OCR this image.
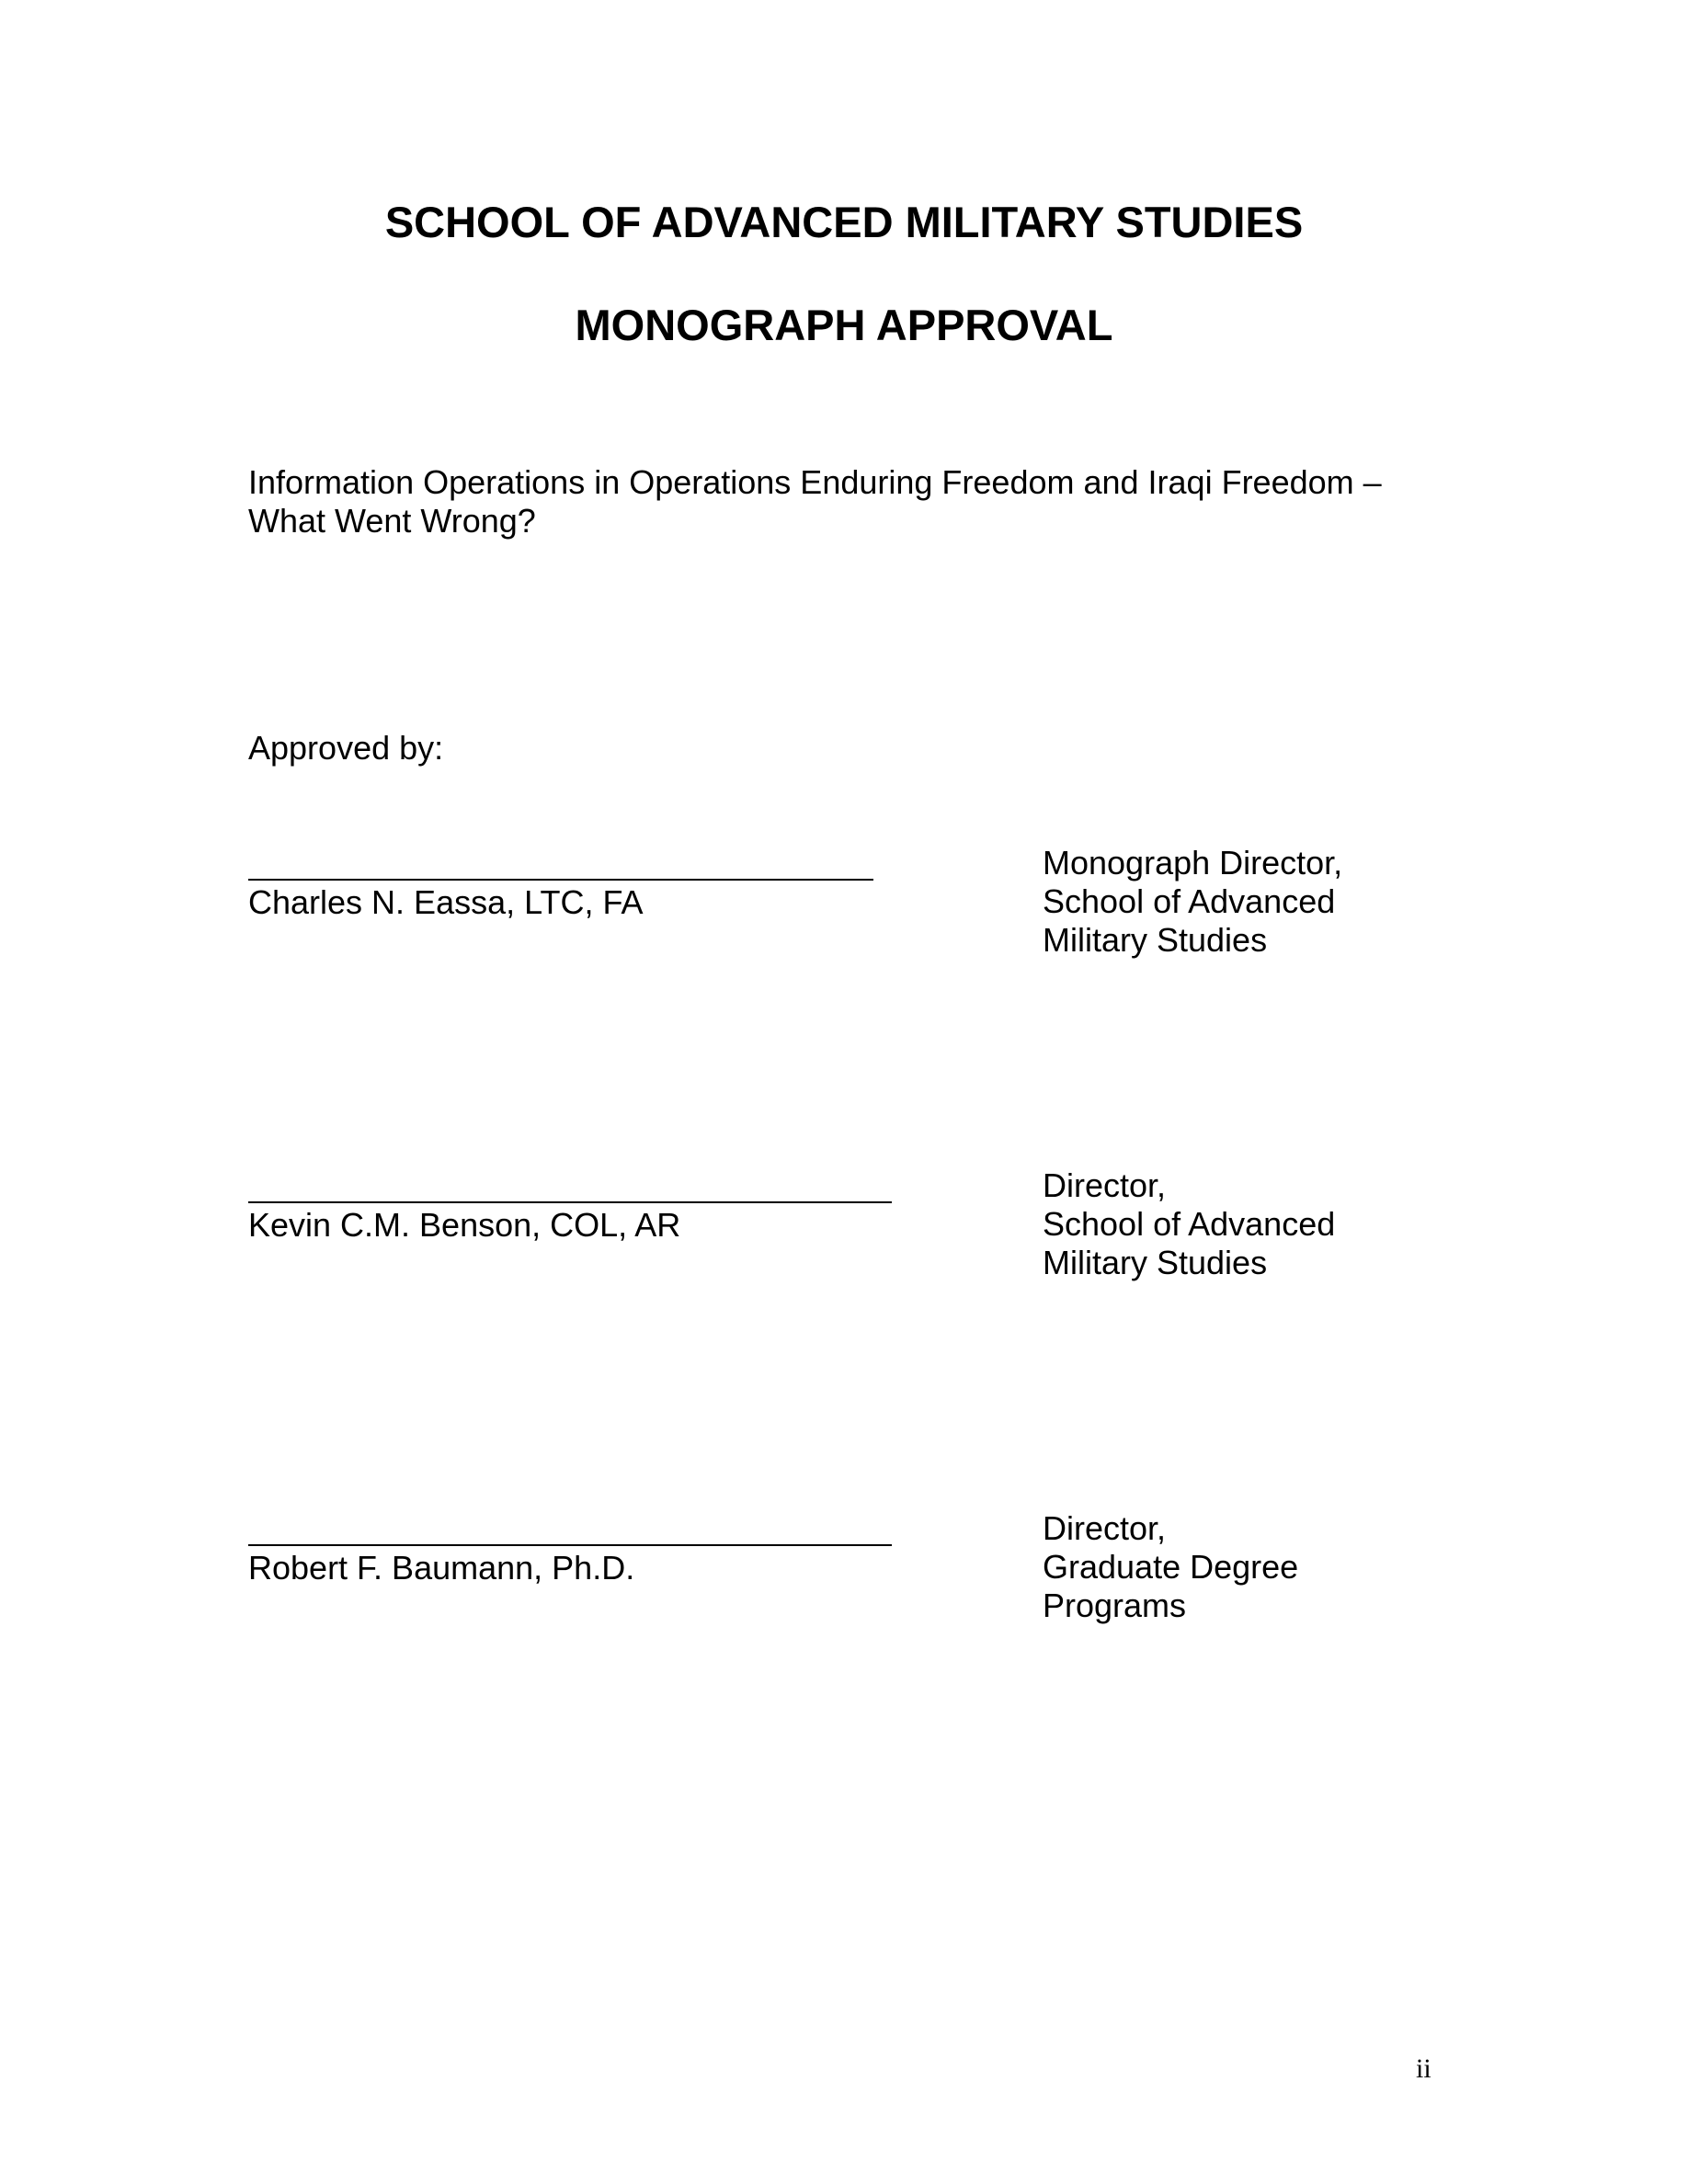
SCHOOL OF ADVANCED MILITARY STUDIES
MONOGRAPH APPROVAL
Information Operations in Operations Enduring Freedom and Iraqi Freedom –
What Went Wrong?
Approved by:
Charles N. Eassa, LTC, FA
Monograph Director,
School of Advanced
Military Studies
Kevin C.M. Benson, COL, AR
Director,
School of Advanced
Military Studies
Robert F. Baumann, Ph.D.
Director,
Graduate Degree
Programs
ii
